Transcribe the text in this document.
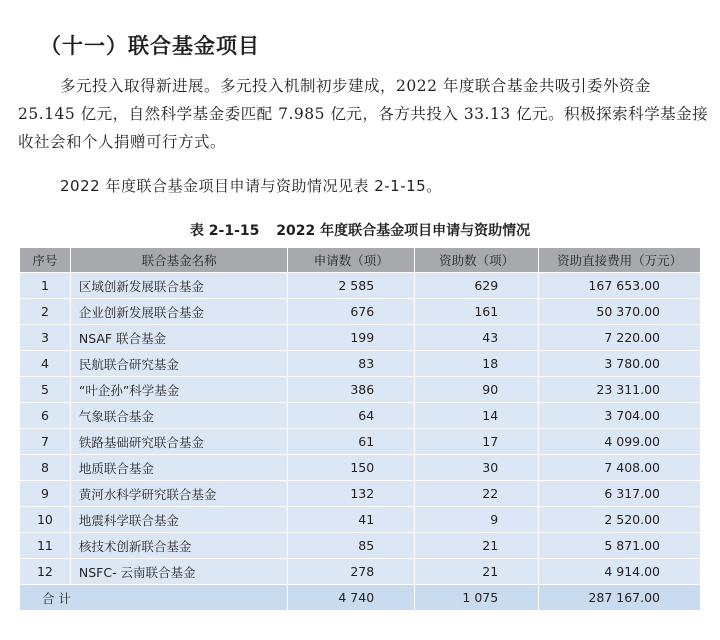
（十一）联合基金项目
多元投入取得新进展。多元投入机制初步建成，2022 年度联合基金共吸引委外资金
25.145 亿元，自然科学基金委匹配 7.985 亿元，各方共投入 33.13 亿元。积极探索科学基金接
收社会和个人捐赠可行方式。
2022 年度联合基金项目申请与资助情况见表 2-1-15。
表 2-1-15 2022 年度联合基金项目申请与资助情况
序号	联合基金名称	申请数（项）	资助数（项）	资助直接费用（万元）
1	区域创新发展联合基金	2 585	629	167 653.00
2	企业创新发展联合基金	676	161	50 370.00
3	NSAF 联合基金	199	43	7 220.00
4	民航联合研究基金	83	18	3 780.00
5	“叶企孙”科学基金	386	90	23 311.00
6	气象联合基金	64	14	3 704.00
7	铁路基础研究联合基金	61	17	4 099.00
8	地质联合基金	150	30	7 408.00
9	黄河水科学研究联合基金	132	22	6 317.00
10	地震科学联合基金	41	9	2 520.00
11	核技术创新联合基金	85	21	5 871.00
12	NSFC- 云南联合基金	278	21	4 914.00
合 计		4 740	1 075	287 167.00
